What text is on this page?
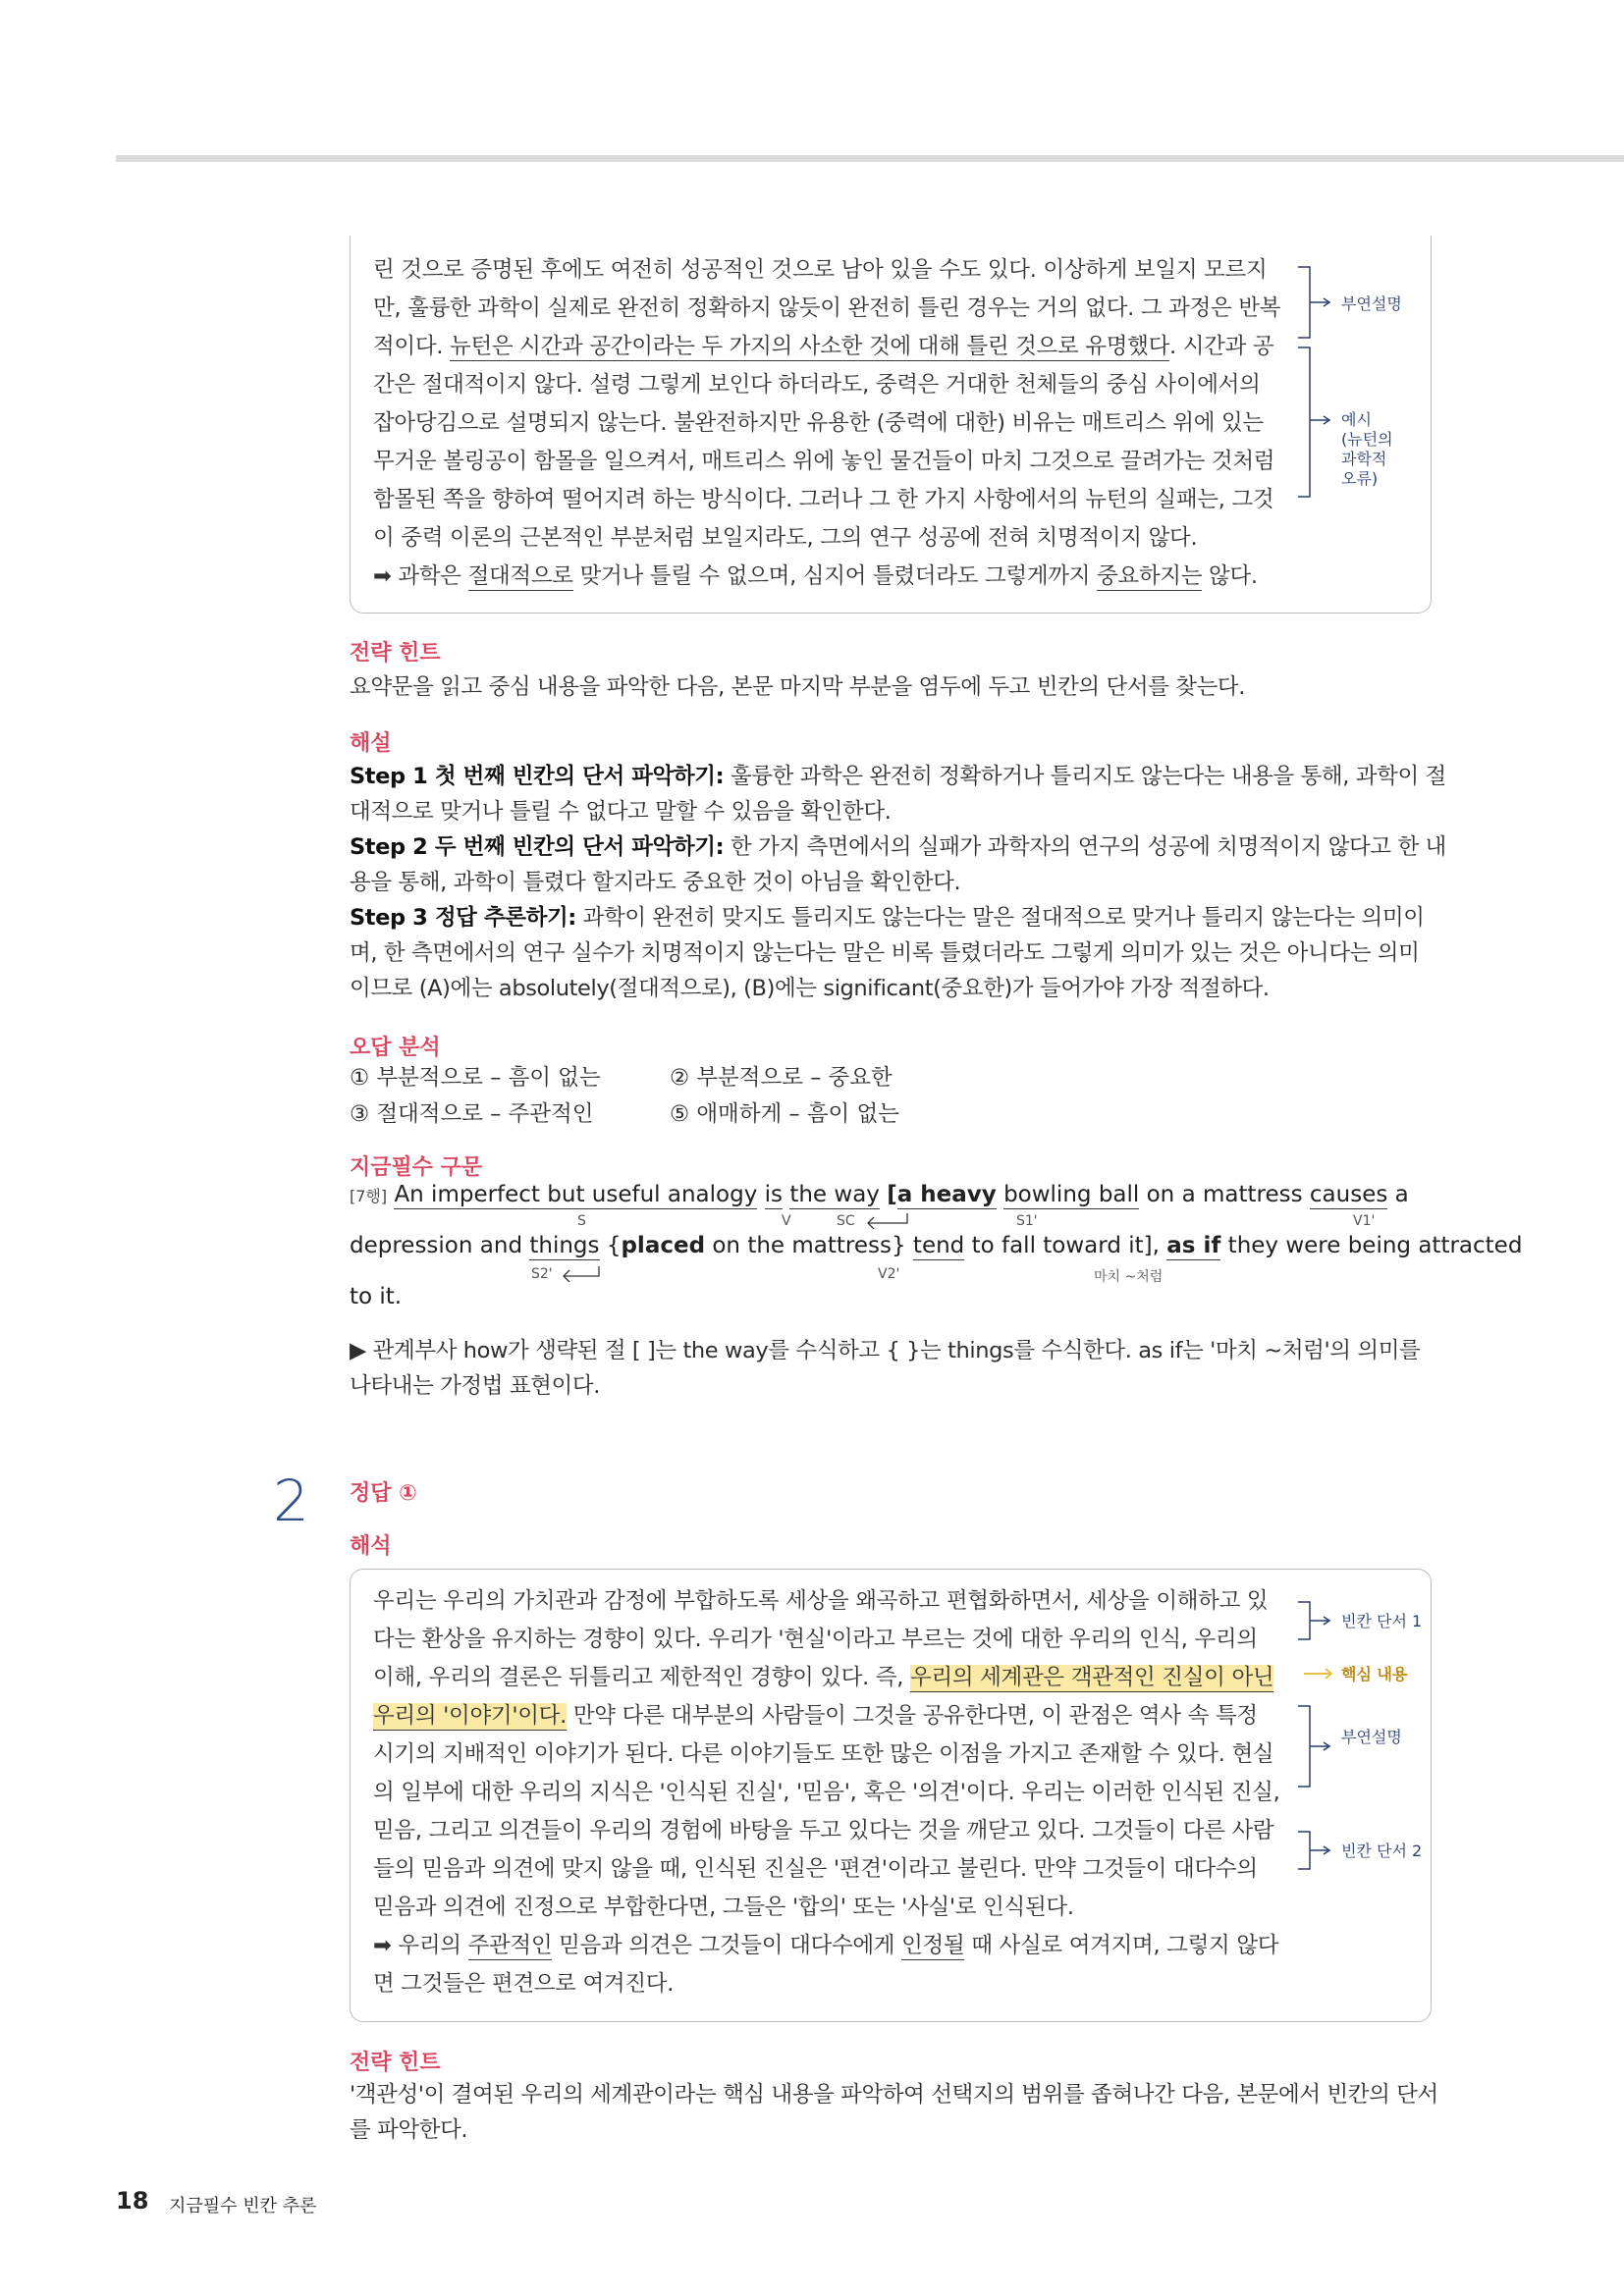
린 것으로 증명된 후에도 여전히 성공적인 것으로 남아 있을 수도 있다. 이상하게 보일지 모르지

만, 훌륭한 과학이 실제로 완전히 정확하지 않듯이 완전히 틀린 경우는 거의 없다. 그 과정은 반복

적이다. 뉴턴은 시간과 공간이라는 두 가지의 사소한 것에 대해 틀린 것으로 유명했다. 시간과 공

간은 절대적이지 않다. 설령 그렇게 보인다 하더라도, 중력은 거대한 천체들의 중심 사이에서의

잡아당김으로 설명되지 않는다. 불완전하지만 유용한 (중력에 대한) 비유는 매트리스 위에 있는

무거운 볼링공이 함몰을 일으켜서, 매트리스 위에 놓인 물건들이 마치 그것으로 끌려가는 것처럼

함몰된 쪽을 향하여 떨어지려 하는 방식이다. 그러나 그 한 가지 사항에서의 뉴턴의 실패는, 그것

이 중력 이론의 근본적인 부분처럼 보일지라도, 그의 연구 성공에 전혀 치명적이지 않다.

➡ 과학은 절대적으로 맞거나 틀릴 수 없으며, 심지어 틀렸더라도 그렇게까지 중요하지는 않다.

부연설명
예시
(뉴턴의
과학적
오류)
전략 힌트

요약문을 읽고 중심 내용을 파악한 다음, 본문 마지막 부분을 염두에 두고 빈칸의 단서를 찾는다.

해설

Step 1 첫 번째 빈칸의 단서 파악하기: 훌륭한 과학은 완전히 정확하거나 틀리지도 않는다는 내용을 통해, 과학이 절

대적으로 맞거나 틀릴 수 없다고 말할 수 있음을 확인한다.

Step 2 두 번째 빈칸의 단서 파악하기: 한 가지 측면에서의 실패가 과학자의 연구의 성공에 치명적이지 않다고 한 내

용을 통해, 과학이 틀렸다 할지라도 중요한 것이 아님을 확인한다.

Step 3 정답 추론하기: 과학이 완전히 맞지도 틀리지도 않는다는 말은 절대적으로 맞거나 틀리지 않는다는 의미이

며, 한 측면에서의 연구 실수가 치명적이지 않는다는 말은 비록 틀렸더라도 그렇게 의미가 있는 것은 아니다는 의미

이므로 (A)에는 absolutely(절대적으로), (B)에는 significant(중요한)가 들어가야 가장 적절하다.

오답 분석
① 부분적으로 – 흠이 없는	② 부분적으로 – 중요한
③ 절대적으로 – 주관적인	⑤ 애매하게 – 흠이 없는
지금필수 구문
[7행] An imperfect but useful analogy is the way [a heavy bowling ball on a mattress causes a
S	V	SC	S1'	V1'
depression and things {placed on the mattress} tend to fall toward it], as if they were being attracted
S2'	V2'	마치 ~처럼
to it.

▶ 관계부사 how가 생략된 절 [ ]는 the way를 수식하고 { }는 things를 수식한다. as if는 '마치 ~처럼'의 의미를

나타내는 가정법 표현이다.

2 정답 ①
해석

우리는 우리의 가치관과 감정에 부합하도록 세상을 왜곡하고 편협화하면서, 세상을 이해하고 있

다는 환상을 유지하는 경향이 있다. 우리가 '현실'이라고 부르는 것에 대한 우리의 인식, 우리의

이해, 우리의 결론은 뒤틀리고 제한적인 경향이 있다. 즉, 우리의 세계관은 객관적인 진실이 아닌

우리의 '이야기'이다. 만약 다른 대부분의 사람들이 그것을 공유한다면, 이 관점은 역사 속 특정

시기의 지배적인 이야기가 된다. 다른 이야기들도 또한 많은 이점을 가지고 존재할 수 있다. 현실

의 일부에 대한 우리의 지식은 '인식된 진실', '믿음', 혹은 '의견'이다. 우리는 이러한 인식된 진실,

믿음, 그리고 의견들이 우리의 경험에 바탕을 두고 있다는 것을 깨닫고 있다. 그것들이 다른 사람

들의 믿음과 의견에 맞지 않을 때, 인식된 진실은 '편견'이라고 불린다. 만약 그것들이 대다수의

믿음과 의견에 진정으로 부합한다면, 그들은 '합의' 또는 '사실'로 인식된다.

➡ 우리의 주관적인 믿음과 의견은 그것들이 대다수에게 인정될 때 사실로 여겨지며, 그렇지 않다

면 그것들은 편견으로 여겨진다.

빈칸 단서 1
핵심 내용
부연설명
빈칸 단서 2
전략 힌트

'객관성'이 결여된 우리의 세계관이라는 핵심 내용을 파악하여 선택지의 범위를 좁혀나간 다음, 본문에서 빈칸의 단서

를 파악한다.

18 지금필수 빈칸 추론
